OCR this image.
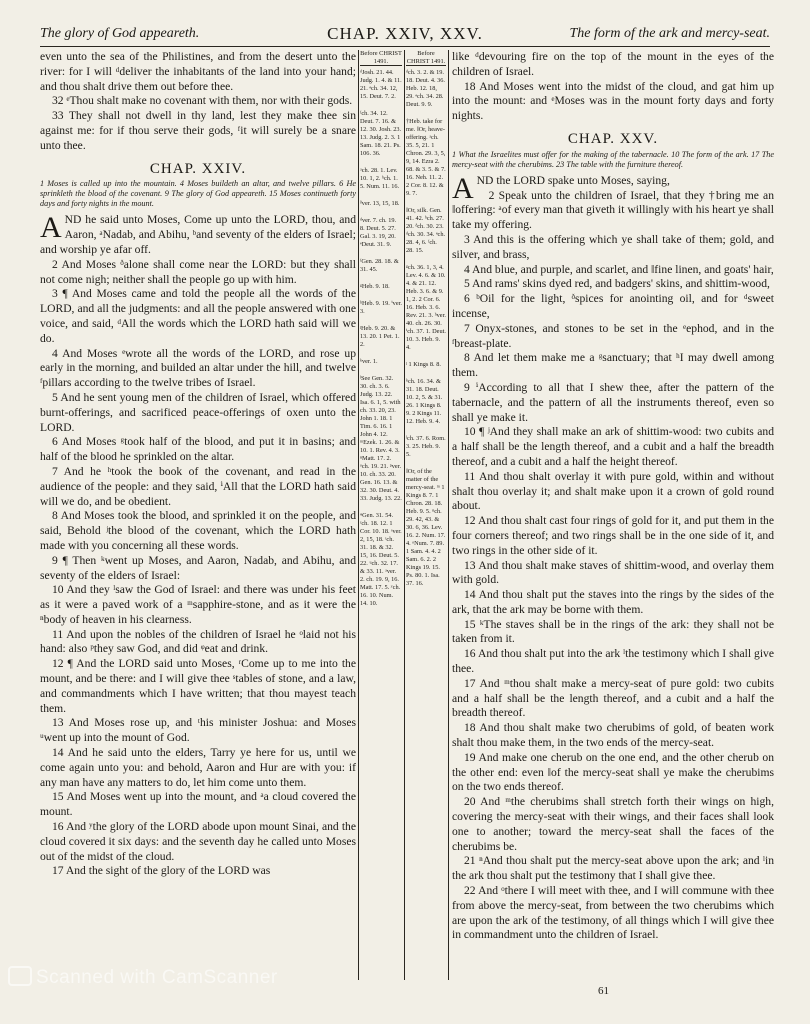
The glory of God appeareth.	CHAP. XXIV, XXV.	The form of the ark and mercy-seat.

even unto the sea of the Philistines, and from the desert unto the river: for I will ᵈdeliver the inhabitants of the land into your hand; and thou shalt drive them out before thee.

32 ᵉThou shalt make no covenant with them, nor with their gods.

33 They shall not dwell in thy land, lest they make thee sin against me: for if thou serve their gods, ᶠit will surely be a snare unto thee.

CHAP. XXIV.

1 Moses is called up into the mountain. 4 Moses buildeth an altar, and twelve pillars. 6 He sprinkleth the blood of the covenant. 9 The glory of God appeareth. 15 Moses continueth forty days and forty nights in the mount.

AND he said unto Moses, Come up unto the LORD, thou, and Aaron, ᵃNadab, and Abihu, ᵇand seventy of the elders of Israel; and worship ye afar off.

2 And Moses ᶞalone shall come near the LORD: but they shall not come nigh; neither shall the people go up with him.

3 ¶ And Moses came and told the people all the words of the LORD, and all the judgments: and all the people answered with one voice, and said, ᵈAll the words which the LORD hath said will we do.

4 And Moses ᵉwrote all the words of the LORD, and rose up early in the morning, and builded an altar under the hill, and twelve ᶠpillars according to the twelve tribes of Israel.

5 And he sent young men of the children of Israel, which offered burnt-offerings, and sacrificed peace-offerings of oxen unto the LORD.

6 And Moses ᵍtook half of the blood, and put it in basins; and half of the blood he sprinkled on the altar.

7 And he ʰtook the book of the covenant, and read in the audience of the people: and they said, ⁱAll that the LORD hath said will we do, and be obedient.

8 And Moses took the blood, and sprinkled it on the people, and said, Behold ʲthe blood of the covenant, which the LORD hath made with you concerning all these words.

9 ¶ Then ᵏwent up Moses, and Aaron, Nadab, and Abihu, and seventy of the elders of Israel:

10 And they ˡsaw the God of Israel: and there was under his feet as it were a paved work of a ᵐsapphire-stone, and as it were the ⁿbody of heaven in his clearness.

11 And upon the nobles of the children of Israel he ᵒlaid not his hand: also ᵖthey saw God, and did ᵠeat and drink.

12 ¶ And the LORD said unto Moses, ʳCome up to me into the mount, and be there: and I will give thee ˢtables of stone, and a law, and commandments which I have written; that thou mayest teach them.

13 And Moses rose up, and ᵗhis minister Joshua: and Moses ᵘwent up into the mount of God.

14 And he said unto the elders, Tarry ye here for us, until we come again unto you: and behold, Aaron and Hur are with you: if any man have any matters to do, let him come unto them.

15 And Moses went up into the mount, and ᵃa cloud covered the mount.

16 And ʸthe glory of the LORD abode upon mount Sinai, and the cloud covered it six days: and the seventh day he called unto Moses out of the midst of the cloud.

17 And the sight of the glory of the LORD was

Before CHRIST 1491.
ᵈJosh. 21. 44. Judg. 1. 4. & 11. 21. ᵉch. 34. 12, 15. Deut. 7. 2.
ᶠch. 34. 12. Deut. 7. 16. & 12. 30. Josh. 23. 13. Judg. 2. 3. 1 Sam. 18. 21. Ps. 106. 36.
ᵃch. 28. 1. Lev. 10. 1, 2. ᵇch. 1. 5. Num. 11. 16.
ᶞver. 13, 15, 18.
ᵈver. 7. ch. 19. 8. Deut. 5. 27. Gal. 3. 19, 20. ᵉDeut. 31. 9.
ᶠGen. 28. 18. & 31. 45.
ᵍHeb. 9. 18.
ʰHeb. 9. 19. ⁱver. 3.
ʲHeb. 9. 20. & 13. 20. 1 Pet. 1. 2.
ᵏver. 1.
ˡSee Gen. 32. 30. ch. 3. 6. Judg. 13. 22. Isa. 6. 1, 5. with ch. 33. 20, 23. John 1. 18. 1 Tim. 6. 16. 1 John 4. 12. ᵐEzek. 1. 26. & 10. 1. Rev. 4. 3. ⁿMatt. 17. 2. ᵒch. 19. 21. ᵖver. 10. ch. 33. 20. Gen. 16. 13. & 32. 30. Deut. 4. 33. Judg. 13. 22.
ᵠGen. 31. 54. ʳch. 18. 12. 1 Cor. 10. 18. ˢver. 2, 15, 18. ᵗch. 31. 18. & 32. 15, 16. Deut. 5. 22. ᵘch. 32. 17. & 33. 11. ᵃver. 2. ch. 19. 9, 16. Matt. 17. 5. ʸch. 16. 10. Num. 14. 10.
Before CHRIST 1491.
ᵈch. 3. 2. & 19. 18. Deut. 4. 36. Heb. 12. 18, 29. ᵉch. 34. 28. Deut. 9. 9.
†Heb. take for me. ‖Or, heave-offering. ᵃch. 35. 5, 21. 1 Chron. 29. 3, 5, 9, 14. Ezra 2. 68. & 3. 5. & 7. 16. Neh. 11. 2. 2 Cor. 8. 12. & 9. 7.
‖Or, silk. Gen. 41. 42. ᵇch. 27. 20. ᶞch. 30. 23. ᵈch. 30. 34. ᵉch. 28. 4, 6. ᶠch. 28. 15.
ᵍch. 36. 1, 3, 4. Lev. 4. 6. & 10. 4. & 21. 12. Heb. 3. 6. & 9. 1, 2. 2 Cor. 6. 16. Heb. 3. 6. Rev. 21. 3. ʰver. 40. ch. 26. 30. ⁱch. 37. 1. Deut. 10. 3. Heb. 9. 4.
ʲ 1 Kings 8. 8.
ᵏch. 16. 34. & 31. 18. Deut. 10. 2, 5. & 31. 26. 1 Kings 8. 9. 2 Kings 11. 12. Heb. 9. 4.
ˡch. 37. 6. Rom. 3. 25. Heb. 9. 5.
‖Or, of the matter of the mercy-seat. ᵐ 1 Kings 8. 7. 1 Chron. 28. 18. Heb. 9. 5. ⁿch. 29. 42, 43. & 30. 6, 36. Lev. 16. 2. Num. 17. 4. ᵒNum. 7. 89. 1 Sam. 4. 4. 2 Sam. 6. 2. 2 Kings 19. 15. Ps. 80. 1. Isa. 37. 16.

like ᵈdevouring fire on the top of the mount in the eyes of the children of Israel.

18 And Moses went into the midst of the cloud, and gat him up into the mount: and ᵉMoses was in the mount forty days and forty nights.

CHAP. XXV.

1 What the Israelites must offer for the making of the tabernacle. 10 The form of the ark. 17 The mercy-seat with the cherubims. 23 The table with the furniture thereof.

AND the LORD spake unto Moses, saying,

2 Speak unto the children of Israel, that they †bring me an ‖offering: ᵃof every man that giveth it willingly with his heart ye shall take my offering.

3 And this is the offering which ye shall take of them; gold, and silver, and brass,

4 And blue, and purple, and scarlet, and ‖fine linen, and goats' hair,

5 And rams' skins dyed red, and badgers' skins, and shittim-wood,

6 ᵇOil for the light, ᶞspices for anointing oil, and for ᵈsweet incense,

7 Onyx-stones, and stones to be set in the ᵉephod, and in the ᶠbreast-plate.

8 And let them make me a ᵍsanctuary; that ʰI may dwell among them.

9 ⁱAccording to all that I shew thee, after the pattern of the tabernacle, and the pattern of all the instruments thereof, even so shall ye make it.

10 ¶ ʲAnd they shall make an ark of shittim-wood: two cubits and a half shall be the length thereof, and a cubit and a half the breadth thereof, and a cubit and a half the height thereof.

11 And thou shalt overlay it with pure gold, within and without shalt thou overlay it; and shalt make upon it a crown of gold round about.

12 And thou shalt cast four rings of gold for it, and put them in the four corners thereof; and two rings shall be in the one side of it, and two rings in the other side of it.

13 And thou shalt make staves of shittim-wood, and overlay them with gold.

14 And thou shalt put the staves into the rings by the sides of the ark, that the ark may be borne with them.

15 ᵏThe staves shall be in the rings of the ark: they shall not be taken from it.

16 And thou shalt put into the ark ˡthe testimony which I shall give thee.

17 And ᵐthou shalt make a mercy-seat of pure gold: two cubits and a half shall be the length thereof, and a cubit and a half the breadth thereof.

18 And thou shalt make two cherubims of gold, of beaten work shalt thou make them, in the two ends of the mercy-seat.

19 And make one cherub on the one end, and the other cherub on the other end: even ‖of the mercy-seat shall ye make the cherubims on the two ends thereof.

20 And ᵐthe cherubims shall stretch forth their wings on high, covering the mercy-seat with their wings, and their faces shall look one to another; toward the mercy-seat shall the faces of the cherubims be.

21 ⁿAnd thou shalt put the mercy-seat above upon the ark; and ˡin the ark thou shalt put the testimony that I shall give thee.

22 And ᵒthere I will meet with thee, and I will commune with thee from above the mercy-seat, from between the two cherubims which are upon the ark of the testimony, of all things which I will give thee in commandment unto the children of Israel.

61
Scanned with CamScanner
